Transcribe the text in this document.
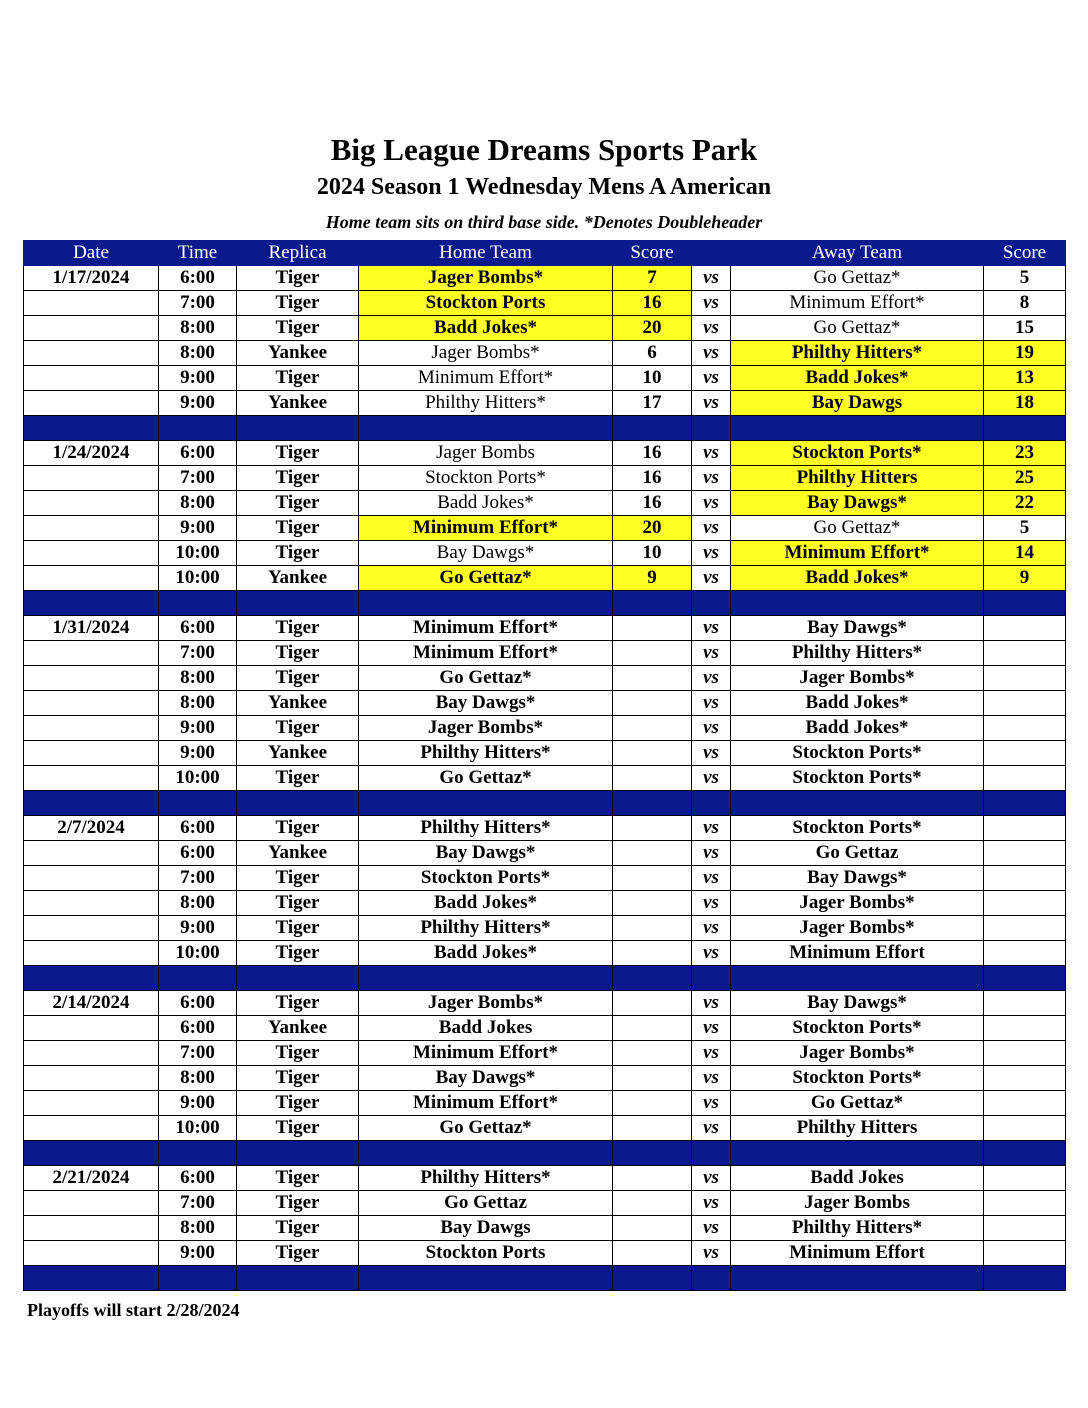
Big League Dreams Sports Park
2024 Season 1 Wednesday Mens A American
Home team sits on third base side. *Denotes Doubleheader
Date	Time	Replica	Home Team	Score		Away Team	Score
1/17/2024	6:00	Tiger	Jager Bombs*	7	vs	Go Gettaz*	5
	7:00	Tiger	Stockton Ports	16	vs	Minimum Effort*	8
	8:00	Tiger	Badd Jokes*	20	vs	Go Gettaz*	15
	8:00	Yankee	Jager Bombs*	6	vs	Philthy Hitters*	19
	9:00	Tiger	Minimum Effort*	10	vs	Badd Jokes*	13
	9:00	Yankee	Philthy Hitters*	17	vs	Bay Dawgs	18

1/24/2024	6:00	Tiger	Jager Bombs	16	vs	Stockton Ports*	23
	7:00	Tiger	Stockton Ports*	16	vs	Philthy Hitters	25
	8:00	Tiger	Badd Jokes*	16	vs	Bay Dawgs*	22
	9:00	Tiger	Minimum Effort*	20	vs	Go Gettaz*	5
	10:00	Tiger	Bay Dawgs*	10	vs	Minimum Effort*	14
	10:00	Yankee	Go Gettaz*	9	vs	Badd Jokes*	9

1/31/2024	6:00	Tiger	Minimum Effort*		vs	Bay Dawgs*	
	7:00	Tiger	Minimum Effort*		vs	Philthy Hitters*	
	8:00	Tiger	Go Gettaz*		vs	Jager Bombs*	
	8:00	Yankee	Bay Dawgs*		vs	Badd Jokes*	
	9:00	Tiger	Jager Bombs*		vs	Badd Jokes*	
	9:00	Yankee	Philthy Hitters*		vs	Stockton Ports*	
	10:00	Tiger	Go Gettaz*		vs	Stockton Ports*	

2/7/2024	6:00	Tiger	Philthy Hitters*		vs	Stockton Ports*	
	6:00	Yankee	Bay Dawgs*		vs	Go Gettaz	
	7:00	Tiger	Stockton Ports*		vs	Bay Dawgs*	
	8:00	Tiger	Badd Jokes*		vs	Jager Bombs*	
	9:00	Tiger	Philthy Hitters*		vs	Jager Bombs*	
	10:00	Tiger	Badd Jokes*		vs	Minimum Effort	

2/14/2024	6:00	Tiger	Jager Bombs*		vs	Bay Dawgs*	
	6:00	Yankee	Badd Jokes		vs	Stockton Ports*	
	7:00	Tiger	Minimum Effort*		vs	Jager Bombs*	
	8:00	Tiger	Bay Dawgs*		vs	Stockton Ports*	
	9:00	Tiger	Minimum Effort*		vs	Go Gettaz*	
	10:00	Tiger	Go Gettaz*		vs	Philthy Hitters	

2/21/2024	6:00	Tiger	Philthy Hitters*		vs	Badd Jokes	
	7:00	Tiger	Go Gettaz		vs	Jager Bombs	
	8:00	Tiger	Bay Dawgs		vs	Philthy Hitters*	
	9:00	Tiger	Stockton Ports		vs	Minimum Effort	

Playoffs will start 2/28/2024
